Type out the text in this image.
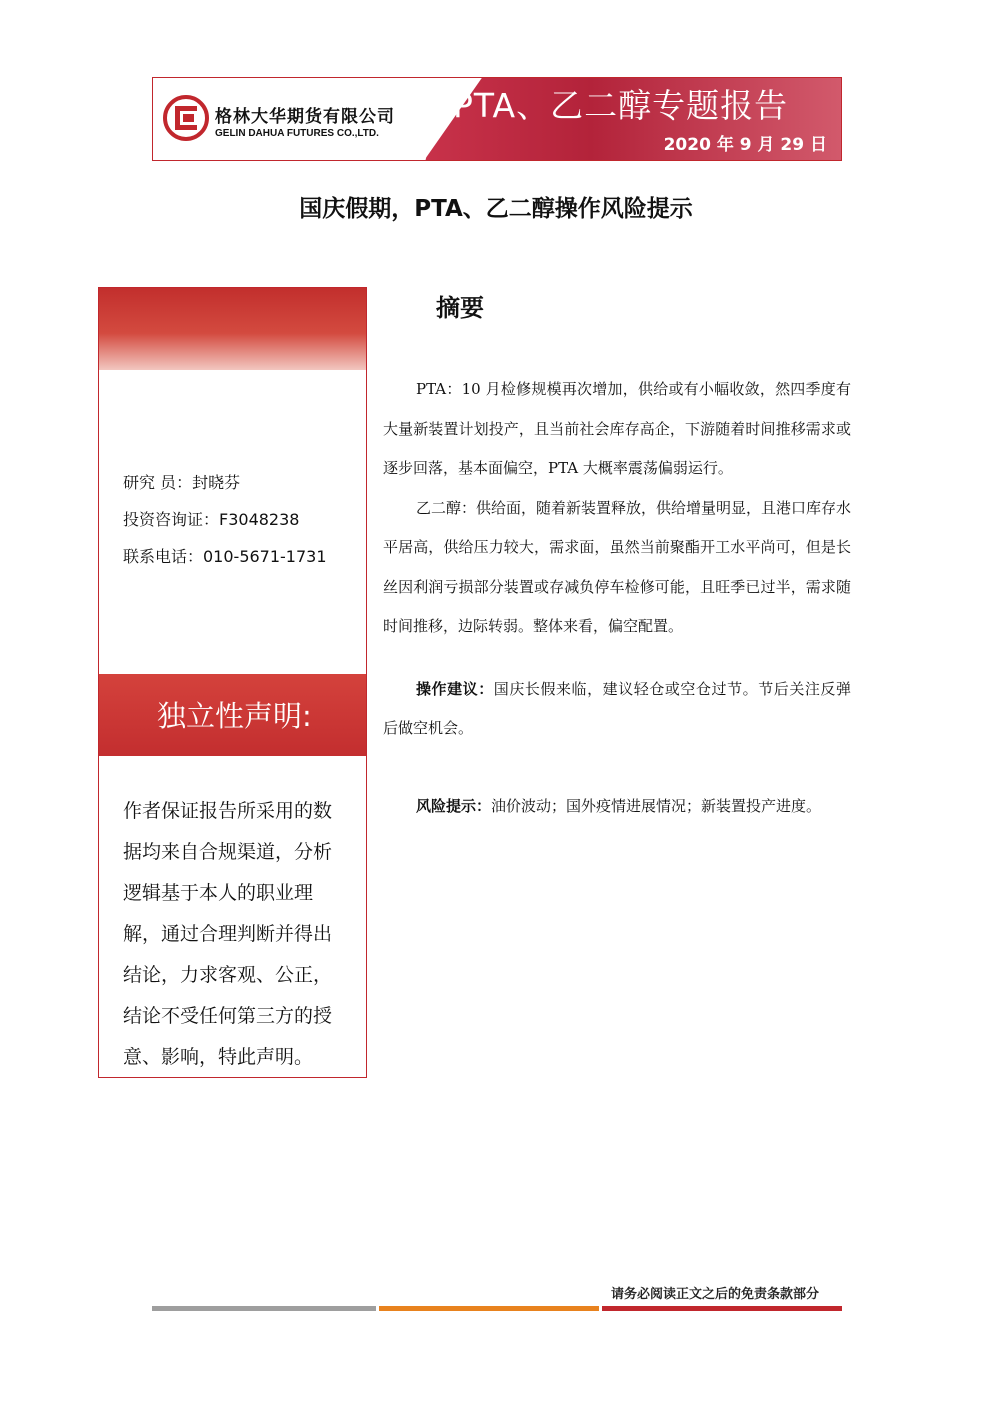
格林大华期货有限公司
GELIN DAHUA FUTURES CO.,LTD.
PTA、乙二醇专题报告
2020 年 9 月 29 日
国庆假期，PTA、乙二醇操作风险提示
研究 员：封晓芬
投资咨询证：F3048238
联系电话：010-5671-1731
独立性声明:
作者保证报告所采用的数据均来自合规渠道，分析逻辑基于本人的职业理解，通过合理判断并得出结论，力求客观、公正，结论不受任何第三方的授意、影响，特此声明。
摘要

PTA：10 月检修规模再次增加，供给或有小幅收敛，然四季度有大量新装置计划投产，且当前社会库存高企，下游随着时间推移需求或逐步回落，基本面偏空，PTA 大概率震荡偏弱运行。

乙二醇：供给面，随着新装置释放，供给增量明显，且港口库存水平居高，供给压力较大，需求面，虽然当前聚酯开工水平尚可，但是长丝因利润亏损部分装置或存减负停车检修可能，且旺季已过半，需求随时间推移，边际转弱。整体来看，偏空配置。

操作建议：国庆长假来临，建议轻仓或空仓过节。节后关注反弹后做空机会。

风险提示：油价波动；国外疫情进展情况；新装置投产进度。

请务必阅读正文之后的免责条款部分
